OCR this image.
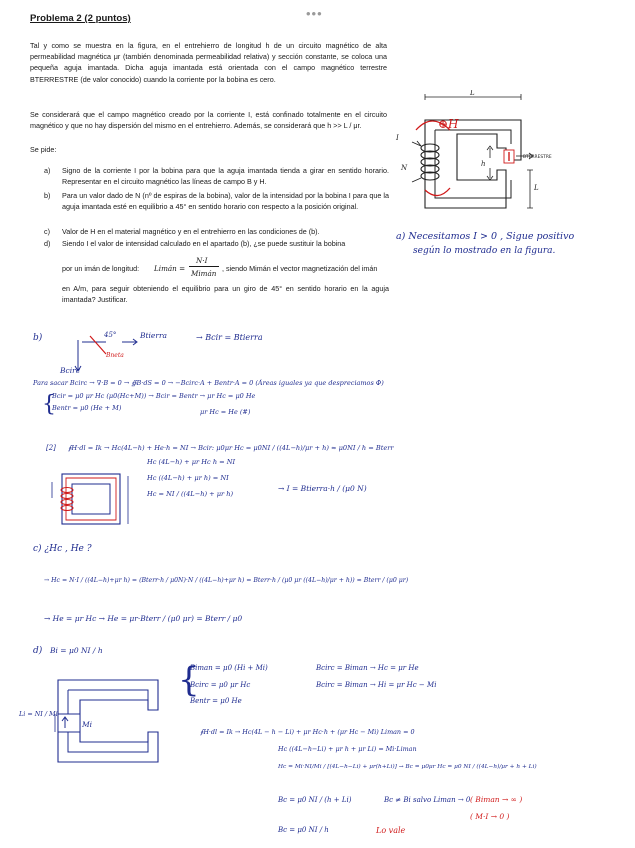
•••
Problema 2 (2 puntos)
Tal y como se muestra en la figura, en el entrehierro de longitud h de un circuito magnético de alta permeabilidad magnética μr (también denominada permeabilidad relativa) y sección constante, se coloca una pequeña aguja imantada. Dicha aguja imantada está orientada con el campo magnético terrestre BTERRESTRE (de valor conocido) cuando la corriente por la bobina es cero.
Se considerará que el campo magnético creado por la corriente I, está confinado totalmente en el circuito magnético y que no hay dispersión del mismo en el entrehierro. Además, se considerará que h >> L / μr.
Se pide:
a) Signo de la corriente I por la bobina para que la aguja imantada tienda a girar en sentido horario. Representar en el circuito magnético las líneas de campo B y H.
b) Para un valor dado de N (nº de espiras de la bobina), valor de la intensidad por la bobina I para que la aguja imantada esté en equilibrio a 45° en sentido horario con respecto a la posición original.
c) Valor de H en el material magnético y en el entrehierro en las condiciones de (b).
d) Siendo I el valor de intensidad calculado en el apartado (b), ¿se puede sustituir la bobina
por un imán de longitud: Limán =
N·I
Mimán
, siendo Mimán el vector magnetización del imán
en A/m, para seguir obteniendo el equilibrio para un giro de 45° en sentido horario en la aguja imantada? Justificar.
L
L
h
I
N
BTERRESTRE
⊕H
a) Necesitamos I > 0 , Sigue positivo
según lo mostrado en la figura.
b)	45°	Btierra	→ Bcir = Btierra
Bcirc
Bneta
Para sacar Bcirc → ∇·B = 0 → ∯B·dS = 0 → −Bcirc·A + Bentr·A = 0 (Áreas iguales ya que despreciamos Φ)
{
Bcir = μ0 μr Hc (μ0(Hc+M)) → Bcir = Bentr → μr Hc = μ0 He
Bentr = μ0 (He + M)	μr Hc = He (#)
[2] ∮H·dl = Ik → Hc(4L−h) + He·h = NI → Bcir: μ0μr Hc = μ0NI / ((4L−h)/μr + h) ≈ μ0NI / h = Bterr
Hc (4L−h) + μr Hc h = NI
Hc ((4L−h) + μr h) = NI
Hc = NI / ((4L−h) + μr h)
→ I = Btierra·h / (μ0 N)
c) ¿Hc , He ?
→ Hc = N·I / ((4L−h)+μr h) = (Bterr·h / μ0N)·N / ((4L−h)+μr h) = Bterr·h / (μ0 μr ((4L−h)/μr + h)) ≈ Bterr / (μ0 μr)
→ He = μr Hc → He = μr·Bterr / (μ0 μr) = Bterr / μ0
d) Bi = μ0 NI / h
{
Biman = μ0 (Hi + Mi)
Bcirc = μ0 μr Hc
Bentr = μ0 He
Bcirc = Biman → Hc = μr He
Bcirc = Biman → Hi = μr Hc − Mi
Li = NI / Mi
Mi
∮H·dl = Ik → Hc(4L − h − Li) + μr Hc·h + (μr Hc − Mi) Liman = 0
Hc ((4L−h−Li) + μr h + μr Li) = Mi·Liman
Hc = Mi·NI/Mi / [(4L−h−Li) + μr(h+Li)] → Bc = μ0μr Hc = μ0 NI / ((4L−h)/μr + h + Li)
Bc = μ0 NI / (h + Li)	Bc ≠ Bi salvo Liman → 0
Bc = μ0 NI / h
( Biman → ∞ )
( M·I → 0 )
Lo vale
